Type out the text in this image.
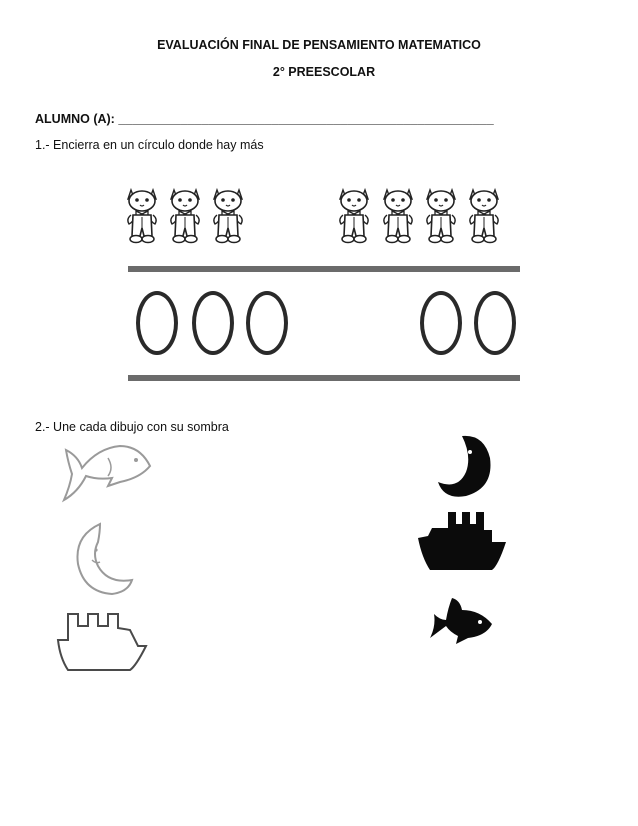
EVALUACIÓN FINAL DE PENSAMIENTO MATEMATICO
2° PREESCOLAR
ALUMNO (A): ______________________________________________________
1.- Encierra en un círculo donde hay más
2.- Une cada dibujo con su sombra
